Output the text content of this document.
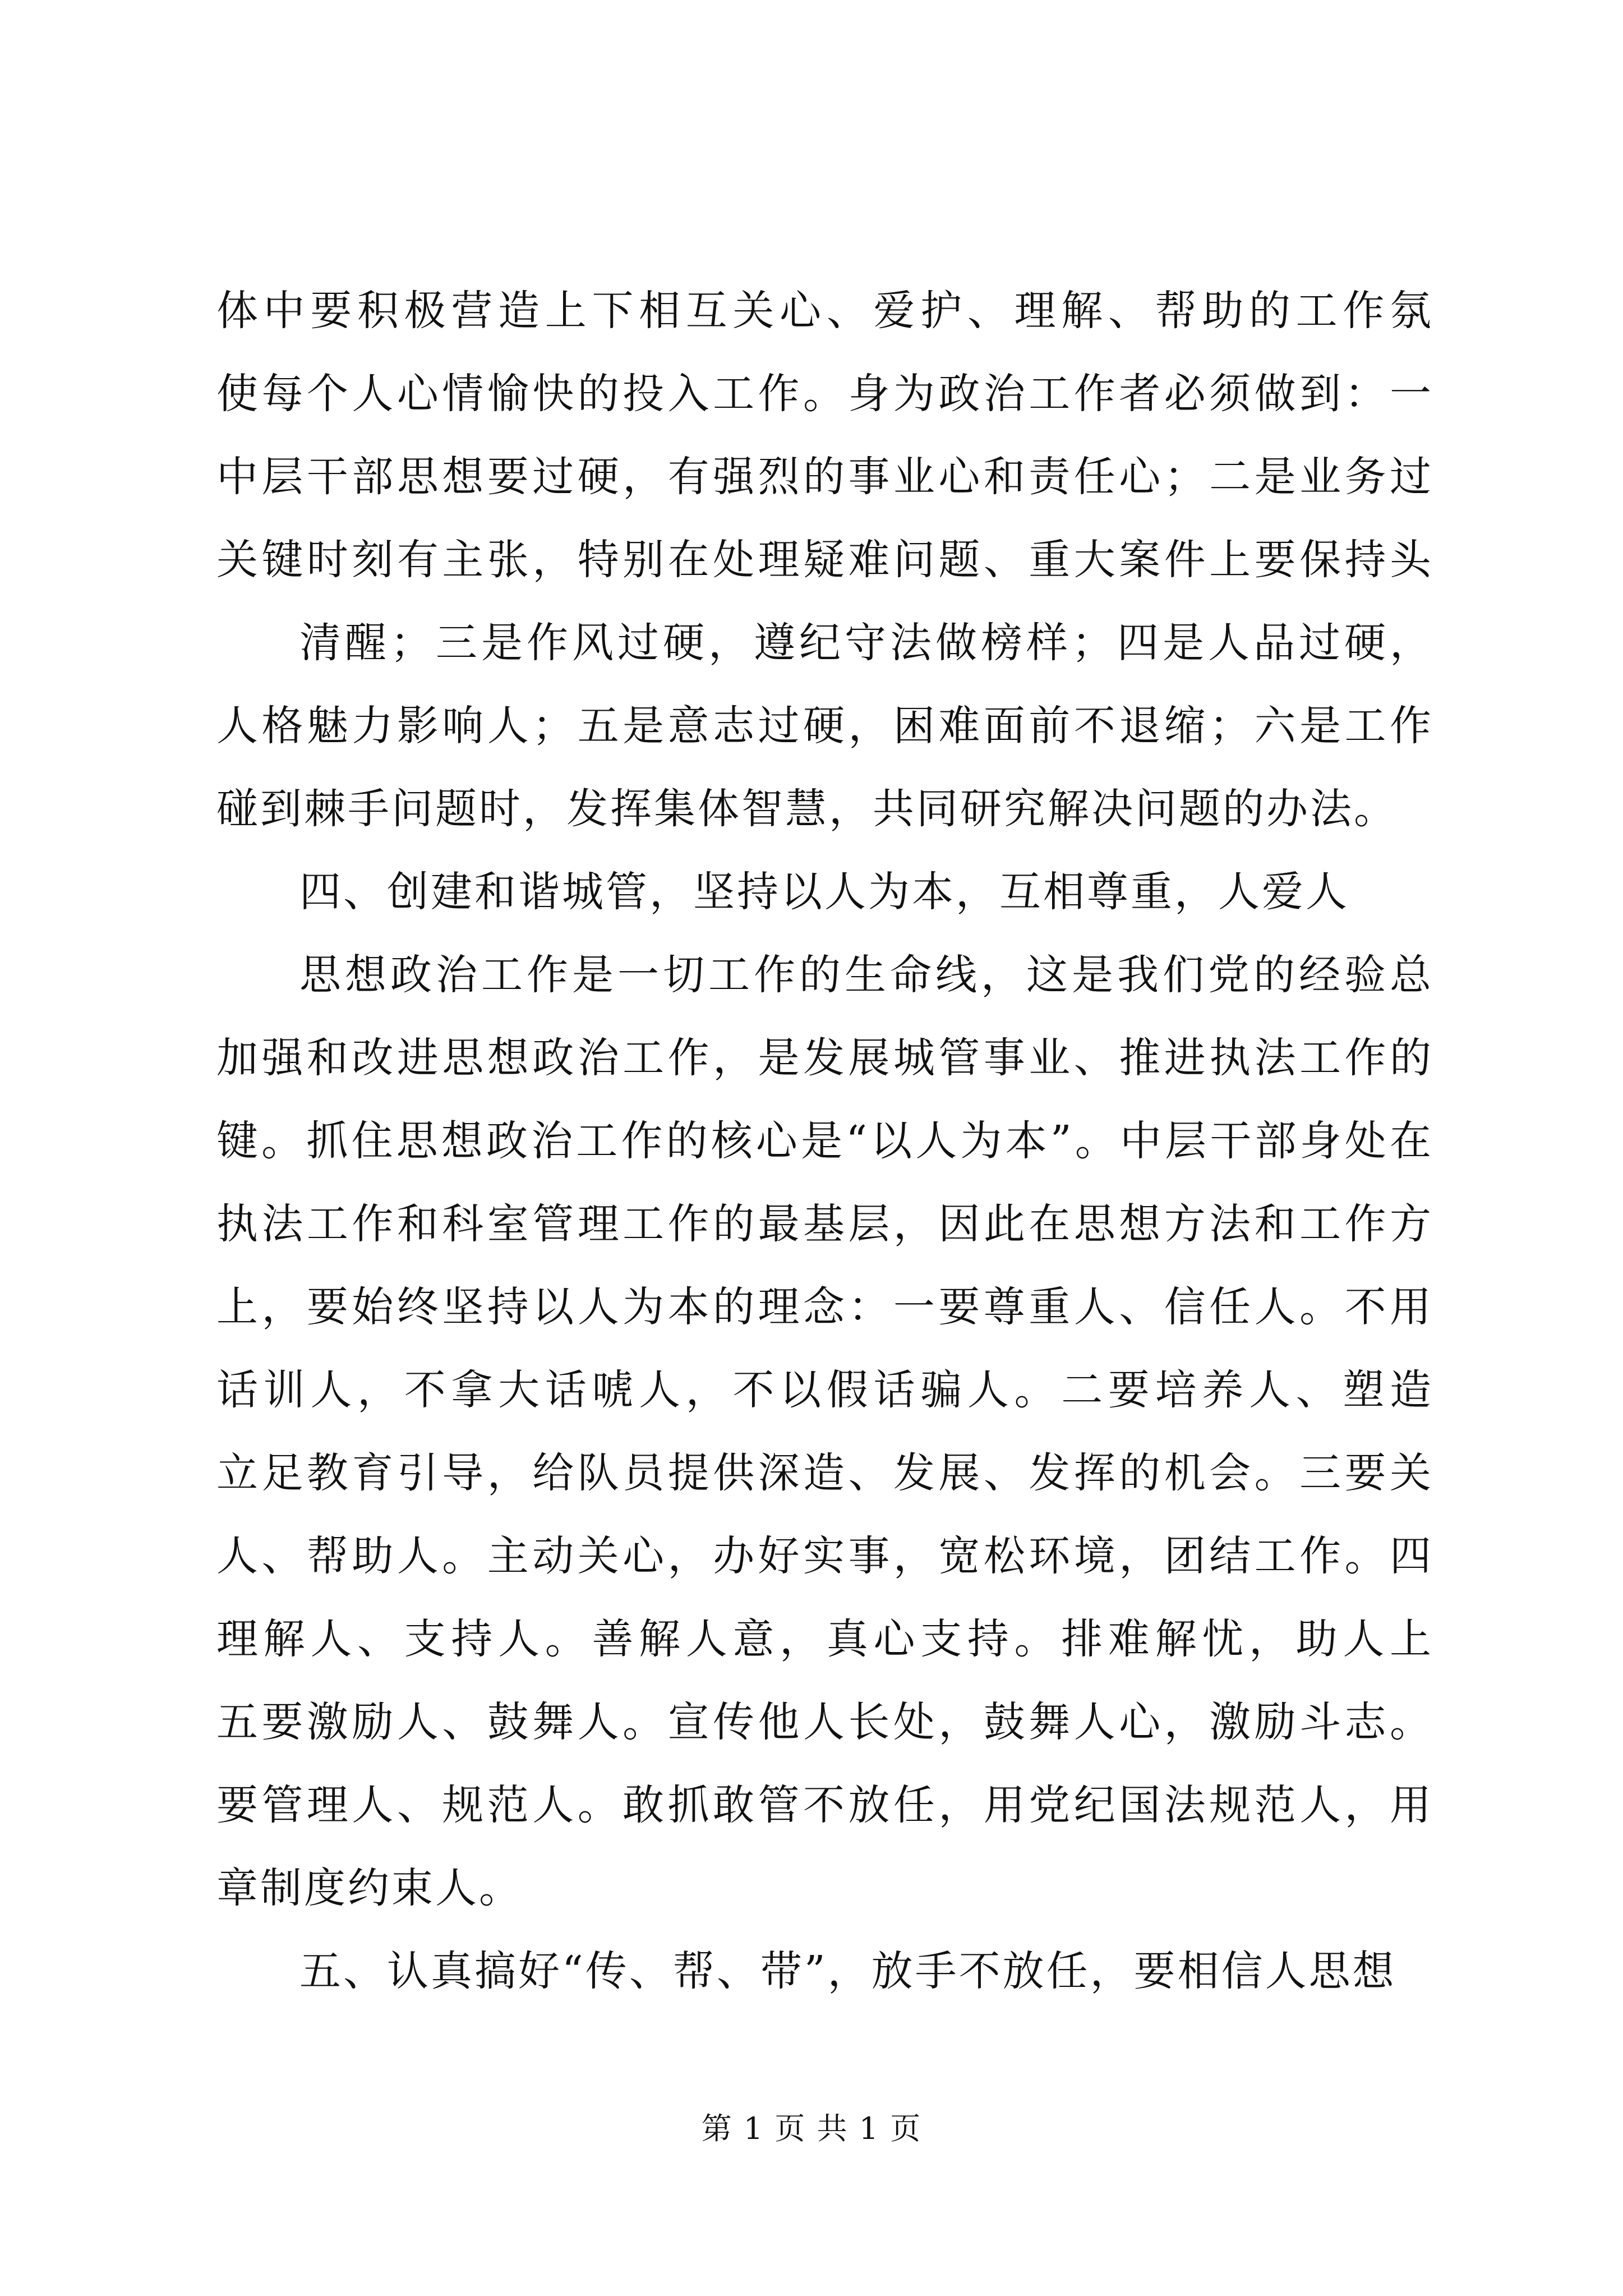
体中要积极营造上下相互关心、爱护、理解、帮助的工作氛
使每个人心情愉快的投入工作。身为政治工作者必须做到：一
中层干部思想要过硬，有强烈的事业心和责任心；二是业务过
关键时刻有主张，特别在处理疑难问题、重大案件上要保持头
清醒；三是作风过硬，遵纪守法做榜样；四是人品过硬，
人格魅力影响人；五是意志过硬，困难面前不退缩；六是工作
碰到棘手问题时，发挥集体智慧，共同研究解决问题的办法。
四、创建和谐城管，坚持以人为本，互相尊重，人爱人
思想政治工作是一切工作的生命线，这是我们党的经验总
加强和改进思想政治工作，是发展城管事业、推进执法工作的
键。抓住思想政治工作的核心是“以人为本”。中层干部身处在
执法工作和科室管理工作的最基层，因此在思想方法和工作方
上，要始终坚持以人为本的理念：一要尊重人、信任人。不用
话训人，不拿大话唬人，不以假话骗人。二要培养人、塑造
立足教育引导，给队员提供深造、发展、发挥的机会。三要关
人、帮助人。主动关心，办好实事，宽松环境，团结工作。四
理解人、支持人。善解人意，真心支持。排难解忧，助人上
五要激励人、鼓舞人。宣传他人长处，鼓舞人心，激励斗志。
要管理人、规范人。敢抓敢管不放任，用党纪国法规范人，用
章制度约束人。
五、认真搞好“传、帮、带”，放手不放任，要相信人思想
第 1 页 共 1 页
